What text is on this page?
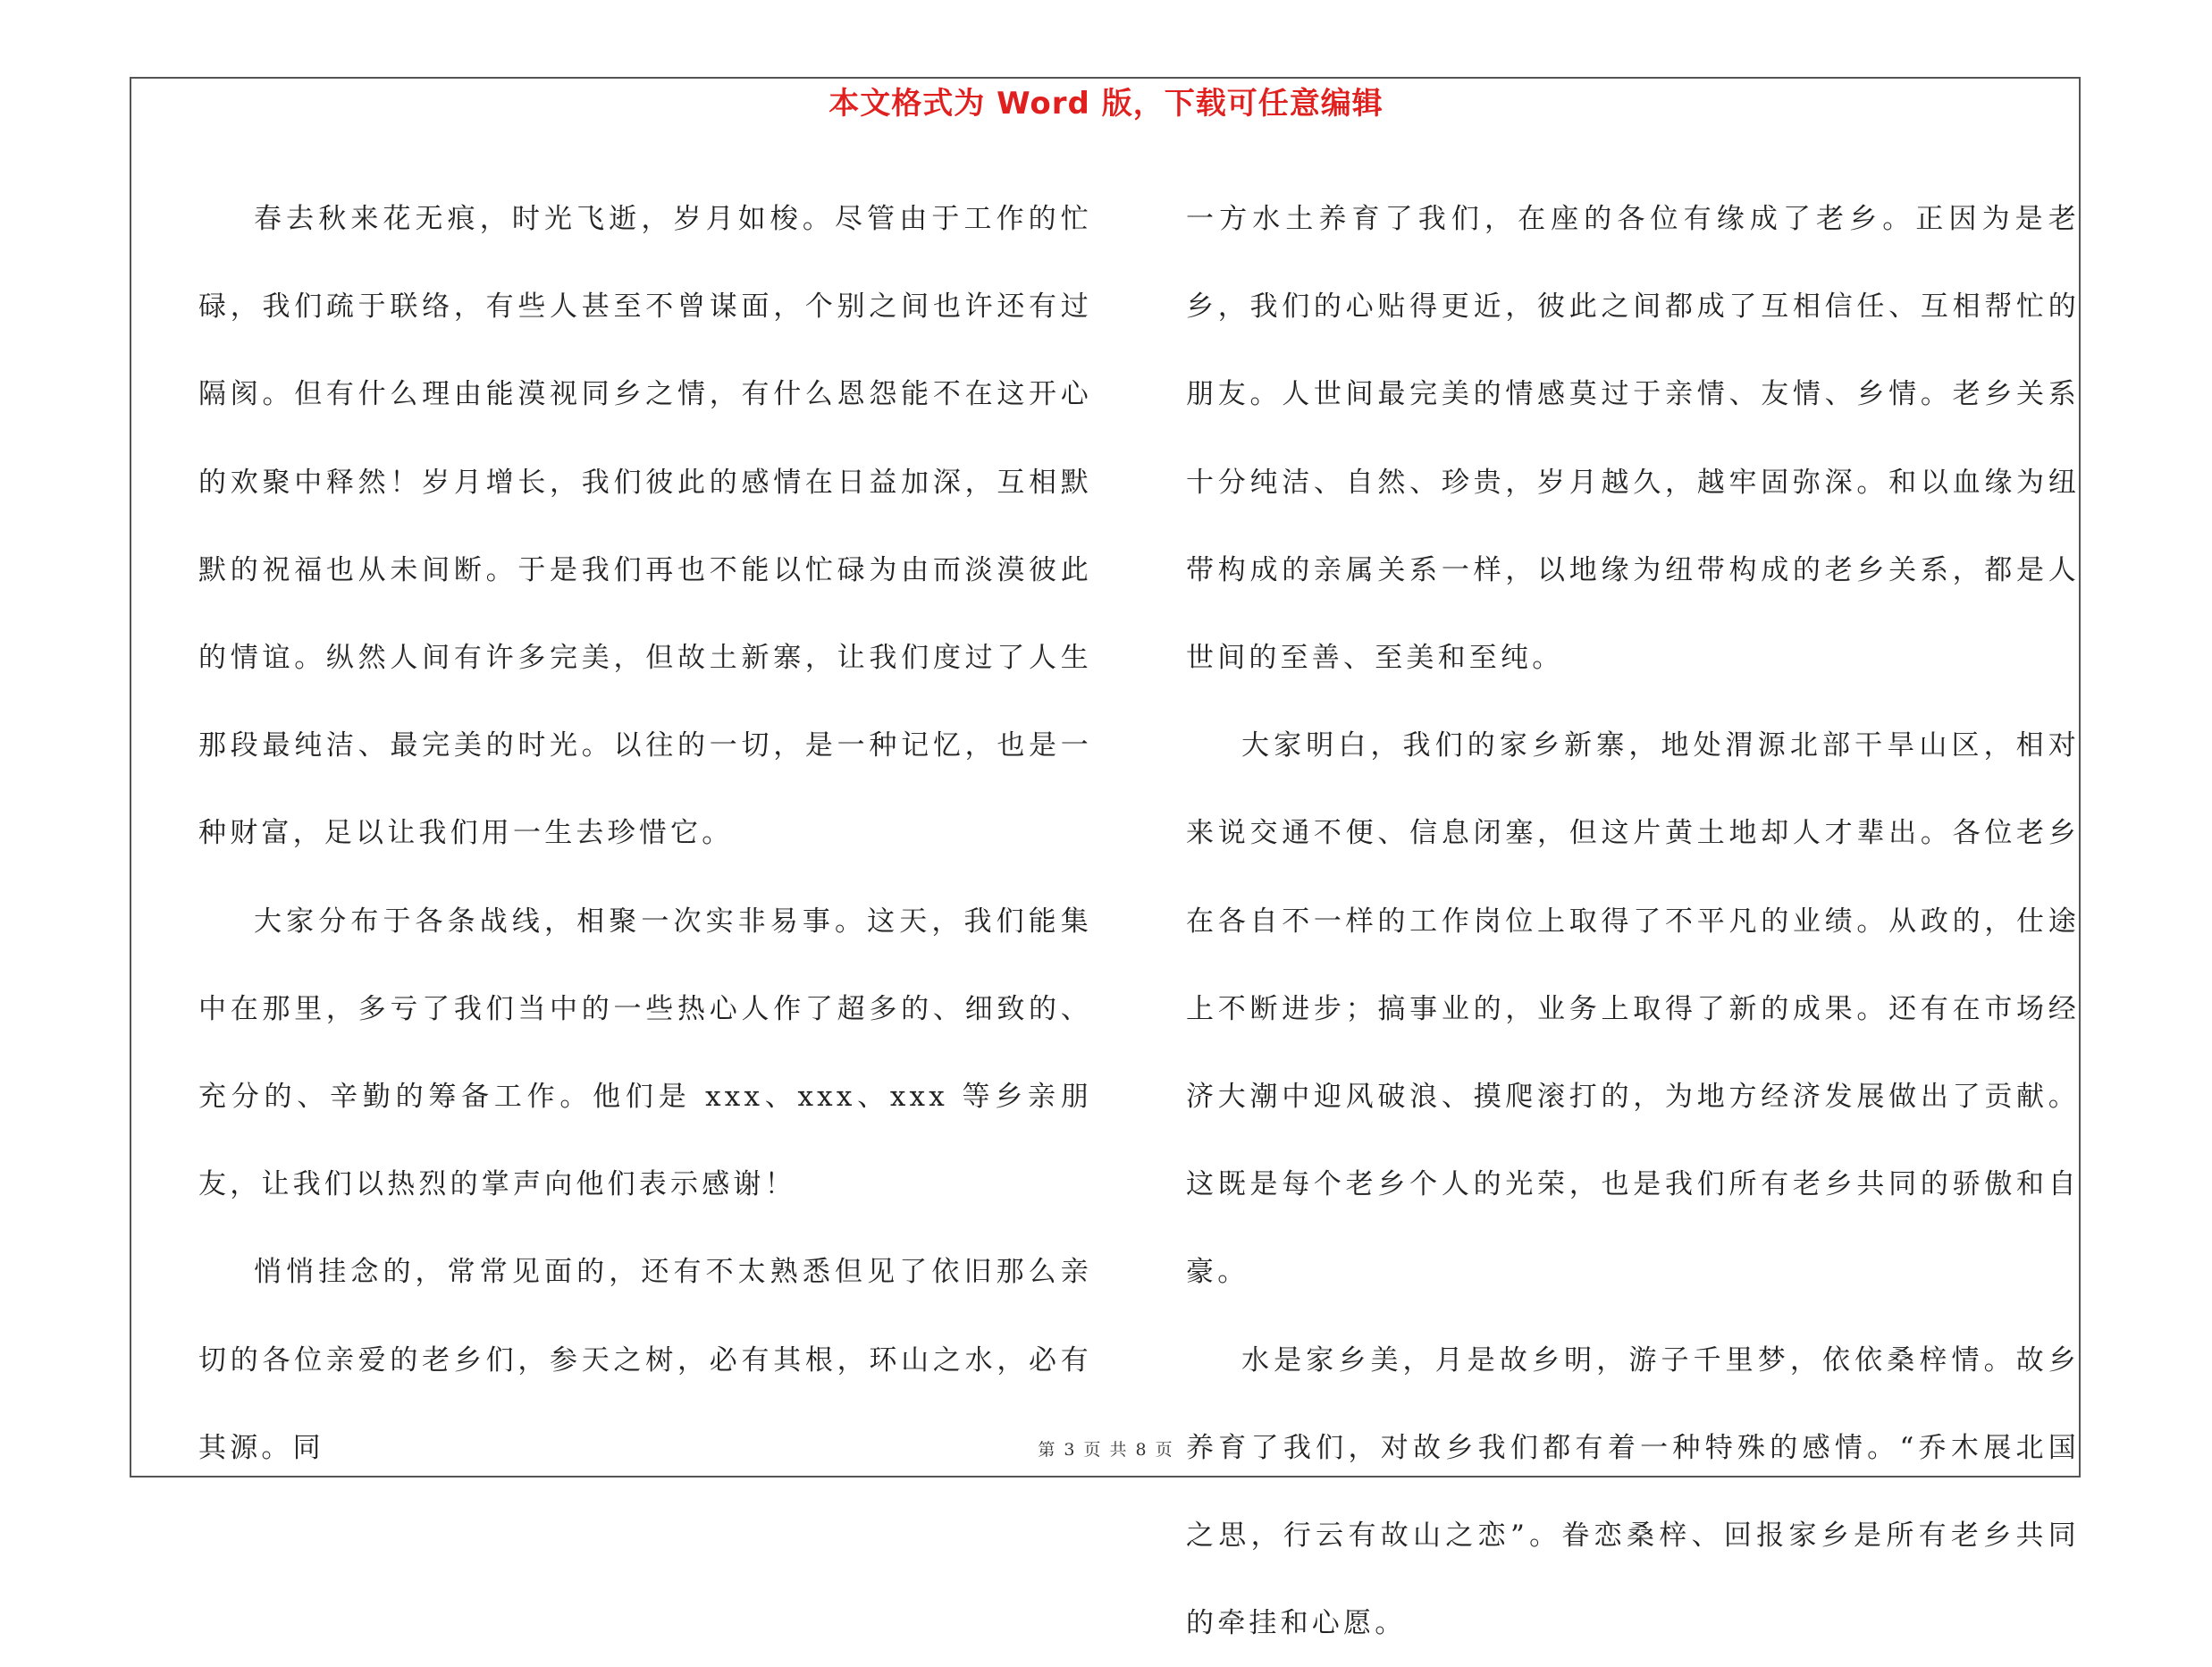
本文格式为 Word 版，下载可任意编辑

春去秋来花无痕，时光飞逝，岁月如梭。尽管由于工作的忙碌，我们疏于联络，有些人甚至不曾谋面，个别之间也许还有过隔阂。但有什么理由能漠视同乡之情，有什么恩怨能不在这开心的欢聚中释然！岁月增长，我们彼此的感情在日益加深，互相默默的祝福也从未间断。于是我们再也不能以忙碌为由而淡漠彼此的情谊。纵然人间有许多完美，但故土新寨，让我们度过了人生那段最纯洁、最完美的时光。以往的一切，是一种记忆，也是一种财富，足以让我们用一生去珍惜它。

大家分布于各条战线，相聚一次实非易事。这天，我们能集中在那里，多亏了我们当中的一些热心人作了超多的、细致的、充分的、辛勤的筹备工作。他们是 xxx、xxx、xxx 等乡亲朋友，让我们以热烈的掌声向他们表示感谢！

悄悄挂念的，常常见面的，还有不太熟悉但见了依旧那么亲切的各位亲爱的老乡们，参天之树，必有其根，环山之水，必有其源。同

一方水土养育了我们，在座的各位有缘成了老乡。正因为是老乡，我们的心贴得更近，彼此之间都成了互相信任、互相帮忙的朋友。人世间最完美的情感莫过于亲情、友情、乡情。老乡关系十分纯洁、自然、珍贵，岁月越久，越牢固弥深。和以血缘为纽带构成的亲属关系一样，以地缘为纽带构成的老乡关系，都是人世间的至善、至美和至纯。

大家明白，我们的家乡新寨，地处渭源北部干旱山区，相对来说交通不便、信息闭塞，但这片黄土地却人才辈出。各位老乡在各自不一样的工作岗位上取得了不平凡的业绩。从政的，仕途上不断进步；搞事业的，业务上取得了新的成果。还有在市场经济大潮中迎风破浪、摸爬滚打的，为地方经济发展做出了贡献。这既是每个老乡个人的光荣，也是我们所有老乡共同的骄傲和自豪。

水是家乡美，月是故乡明，游子千里梦，依依桑梓情。故乡养育了我们，对故乡我们都有着一种特殊的感情。“乔木展北国之思，行云有故山之恋”。眷恋桑梓、回报家乡是所有老乡共同的牵挂和心愿。

第 3 页 共 8 页
